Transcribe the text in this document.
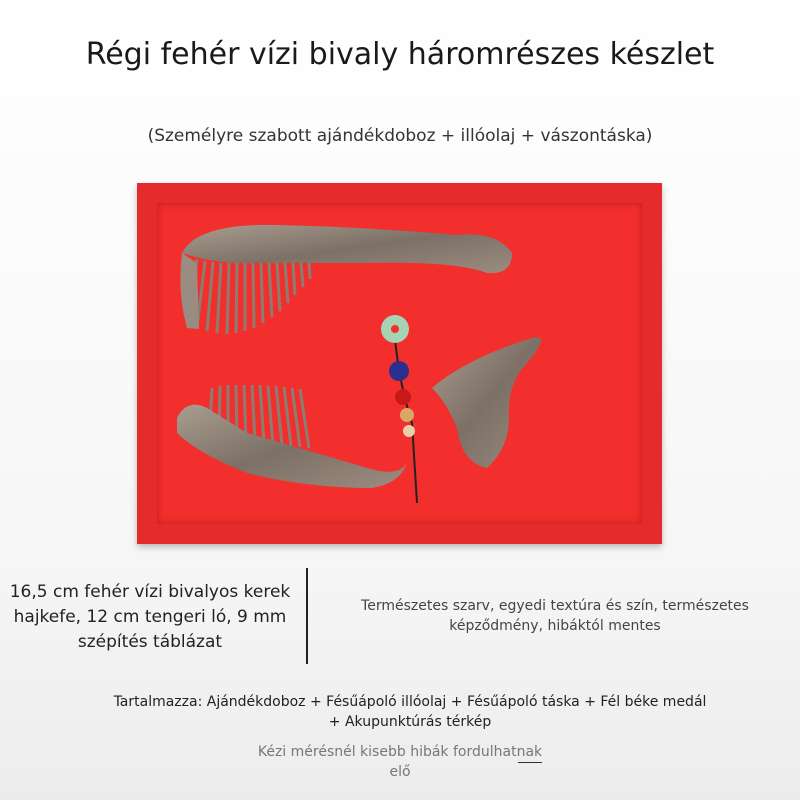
Régi fehér vízi bivaly háromrészes készlet
(Személyre szabott ajándékdoboz + illóolaj + vászontáska)
16,5 cm fehér vízi bivalyos kerek hajkefe, 12 cm tengeri ló, 9 mm szépítés táblázat
Természetes szarv, egyedi textúra és szín, természetes képződmény, hibáktól mentes
Tartalmazza: Ajándékdoboz + Fésűápoló illóolaj + Fésűápoló táska + Fél béke medál + Akupunktúrás térkép
Kézi mérésnél kisebb hibák fordulhatnak elő
